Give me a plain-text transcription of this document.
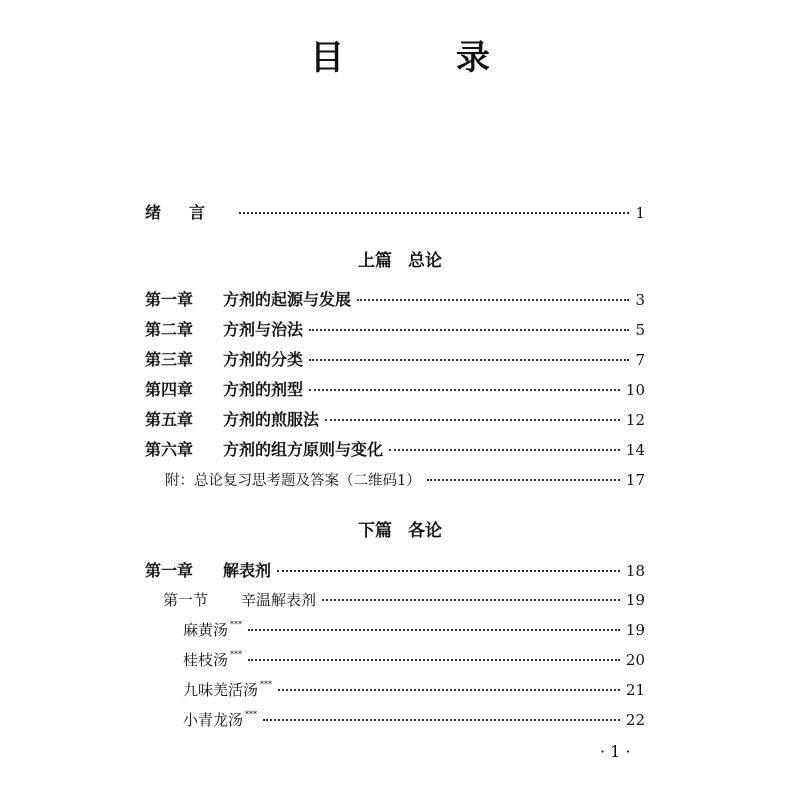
目 录
绪言	1
上篇 总论
第一章 方剂的起源与发展	3
第二章 方剂与治法	5
第三章 方剂的分类	7
第四章 方剂的剂型	10
第五章 方剂的煎服法	12
第六章 方剂的组方原则与变化	14
附：总论复习思考题及答案（二维码1）	17
下篇 各论
第一章 解表剂	18
第一节 辛温解表剂	19
麻黄汤 ***	19
桂枝汤 ***	20
九味羌活汤 ***	21
小青龙汤 ***	22
· 1 ·
